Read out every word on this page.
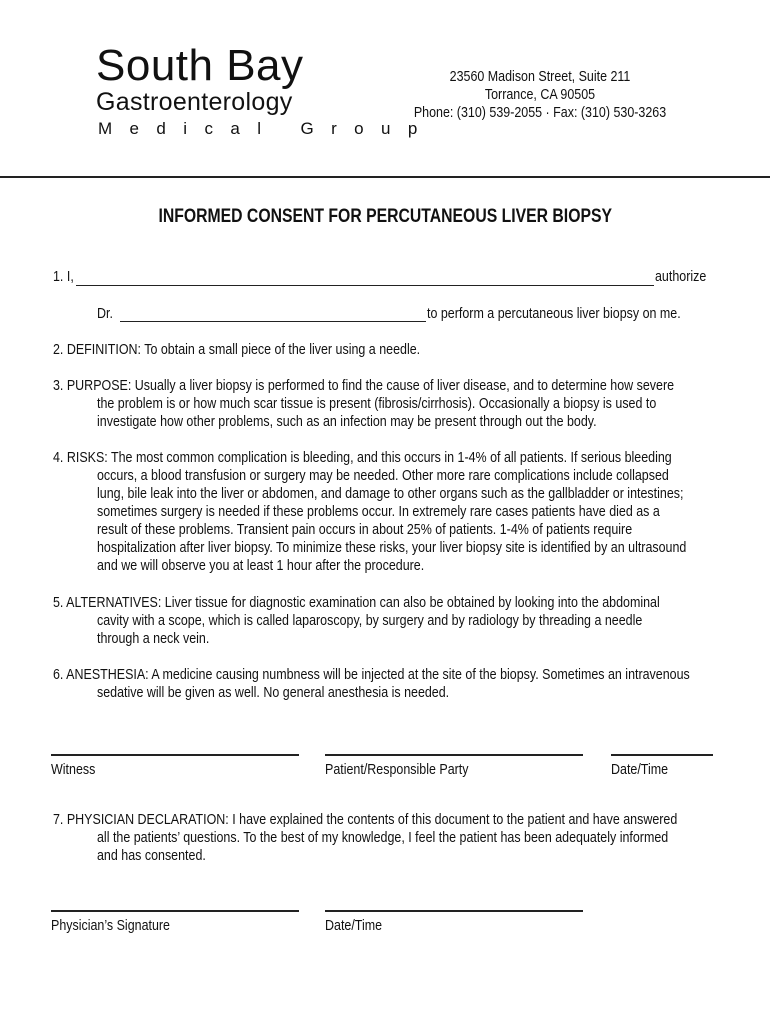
South Bay
Gastroenterology
Medical Group
23560 Madison Street, Suite 211
Torrance, CA 90505
Phone: (310) 539-2055 · Fax: (310) 530-3263
INFORMED CONSENT FOR PERCUTANEOUS LIVER BIOPSY
1. I,	authorize
Dr.	to perform a percutaneous liver biopsy on me.
2. DEFINITION: To obtain a small piece of the liver using a needle.
3. PURPOSE: Usually a liver biopsy is performed to find the cause of liver disease, and to determine how severe
the problem is or how much scar tissue is present (fibrosis/cirrhosis). Occasionally a biopsy is used to
investigate how other problems, such as an infection may be present through out the body.
4. RISKS: The most common complication is bleeding, and this occurs in 1-4% of all patients. If serious bleeding
occurs, a blood transfusion or surgery may be needed. Other more rare complications include collapsed
lung, bile leak into the liver or abdomen, and damage to other organs such as the gallbladder or intestines;
sometimes surgery is needed if these problems occur. In extremely rare cases patients have died as a
result of these problems. Transient pain occurs in about 25% of patients. 1-4% of patients require
hospitalization after liver biopsy. To minimize these risks, your liver biopsy site is identified by an ultrasound
and we will observe you at least 1 hour after the procedure.
5. ALTERNATIVES: Liver tissue for diagnostic examination can also be obtained by looking into the abdominal
cavity with a scope, which is called laparoscopy, by surgery and by radiology by threading a needle
through a neck vein.
6. ANESTHESIA: A medicine causing numbness will be injected at the site of the biopsy. Sometimes an intravenous
sedative will be given as well. No general anesthesia is needed.
Witness	Patient/Responsible Party	Date/Time
7. PHYSICIAN DECLARATION: I have explained the contents of this document to the patient and have answered
all the patients’ questions. To the best of my knowledge, I feel the patient has been adequately informed
and has consented.
Physician’s Signature	Date/Time
